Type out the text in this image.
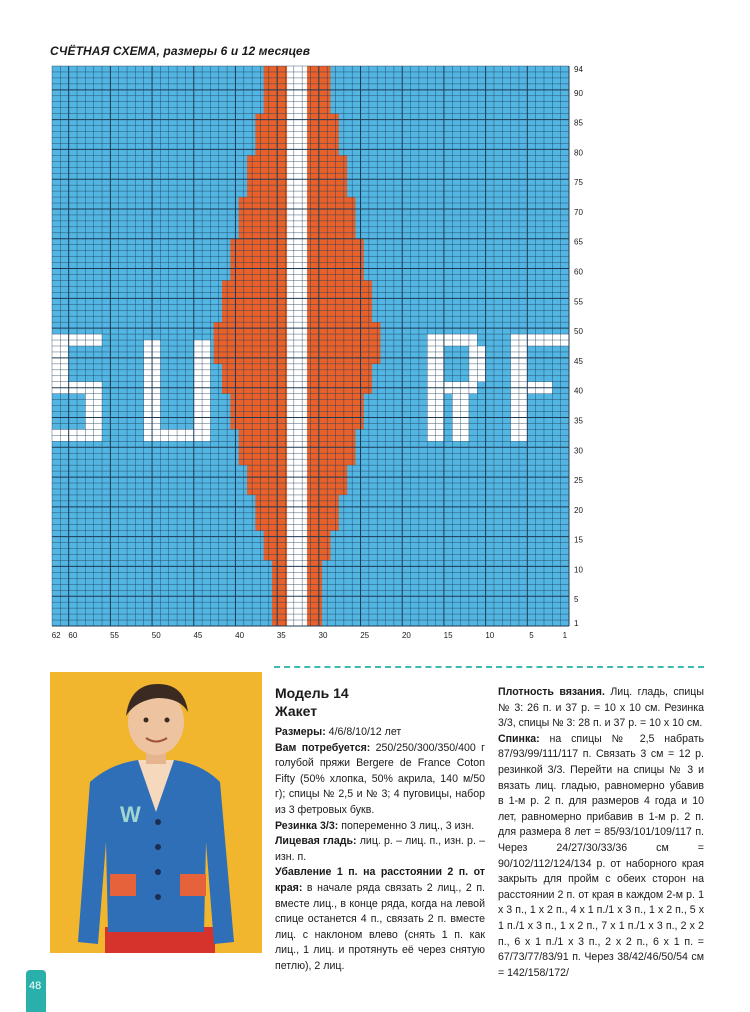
СЧЁТНАЯ СХЕМА, размеры 6 и 12 месяцев
62 60	55	50	45	40	35	30	25	20	15	10	5	1
1
5
10
15
20
25
30
35
40
45
50
55
60
65
70
75
80
85
90
94
W
Модель 14
Жакет

Размеры: 4/6/8/10/12 лет

Вам потребуется: 250/250/300/350/400 г голубой пряжи Bergere de France Coton Fifty (50% хлопка, 50% акрила, 140 м/50 г); спицы № 2,5 и № 3; 4 пуговицы, набор из 3 фетровых букв.

Резинка 3/3: попеременно 3 лиц., 3 изн.

Лицевая гладь: лиц. р. – лиц. п., изн. р. – изн. п.

Убавление 1 п. на расстоянии 2 п. от края: в начале ряда связать 2 лиц., 2 п. вместе лиц., в конце ряда, когда на левой спице останется 4 п., связать 2 п. вместе лиц. с наклоном влево (снять 1 п. как лиц., 1 лиц. и протянуть её через снятую петлю), 2 лиц.

Плотность вязания. Лиц. гладь, спицы № 3: 26 п. и 37 р. = 10 х 10 см. Резинка 3/3, спицы № 3: 28 п. и 37 р. = 10 х 10 см.

Спинка: на спицы № 2,5 набрать 87/93/99/111/117 п. Связать 3 см = 12 р. резинкой 3/3. Перейти на спицы № 3 и вязать лиц. гладью, равномерно убавив в 1-м р. 2 п. для размеров 4 года и 10 лет, равномерно прибавив в 1-м р. 2 п. для размера 8 лет = 85/93/101/109/117 п. Через 24/27/30/33/36 см = 90/102/112/124/134 р. от наборного края закрыть для пройм с обеих сторон на расстоянии 2 п. от края в каждом 2-м р. 1 х 3 п., 1 х 2 п., 4 х 1 п./1 х 3 п., 1 х 2 п., 5 х 1 п./1 х 3 п., 1 х 2 п., 7 х 1 п./1 х 3 п., 2 х 2 п., 6 х 1 п./1 х 3 п., 2 х 2 п., 6 х 1 п. = 67/73/77/83/91 п. Через 38/42/46/50/54 см = 142/158/172/

48
